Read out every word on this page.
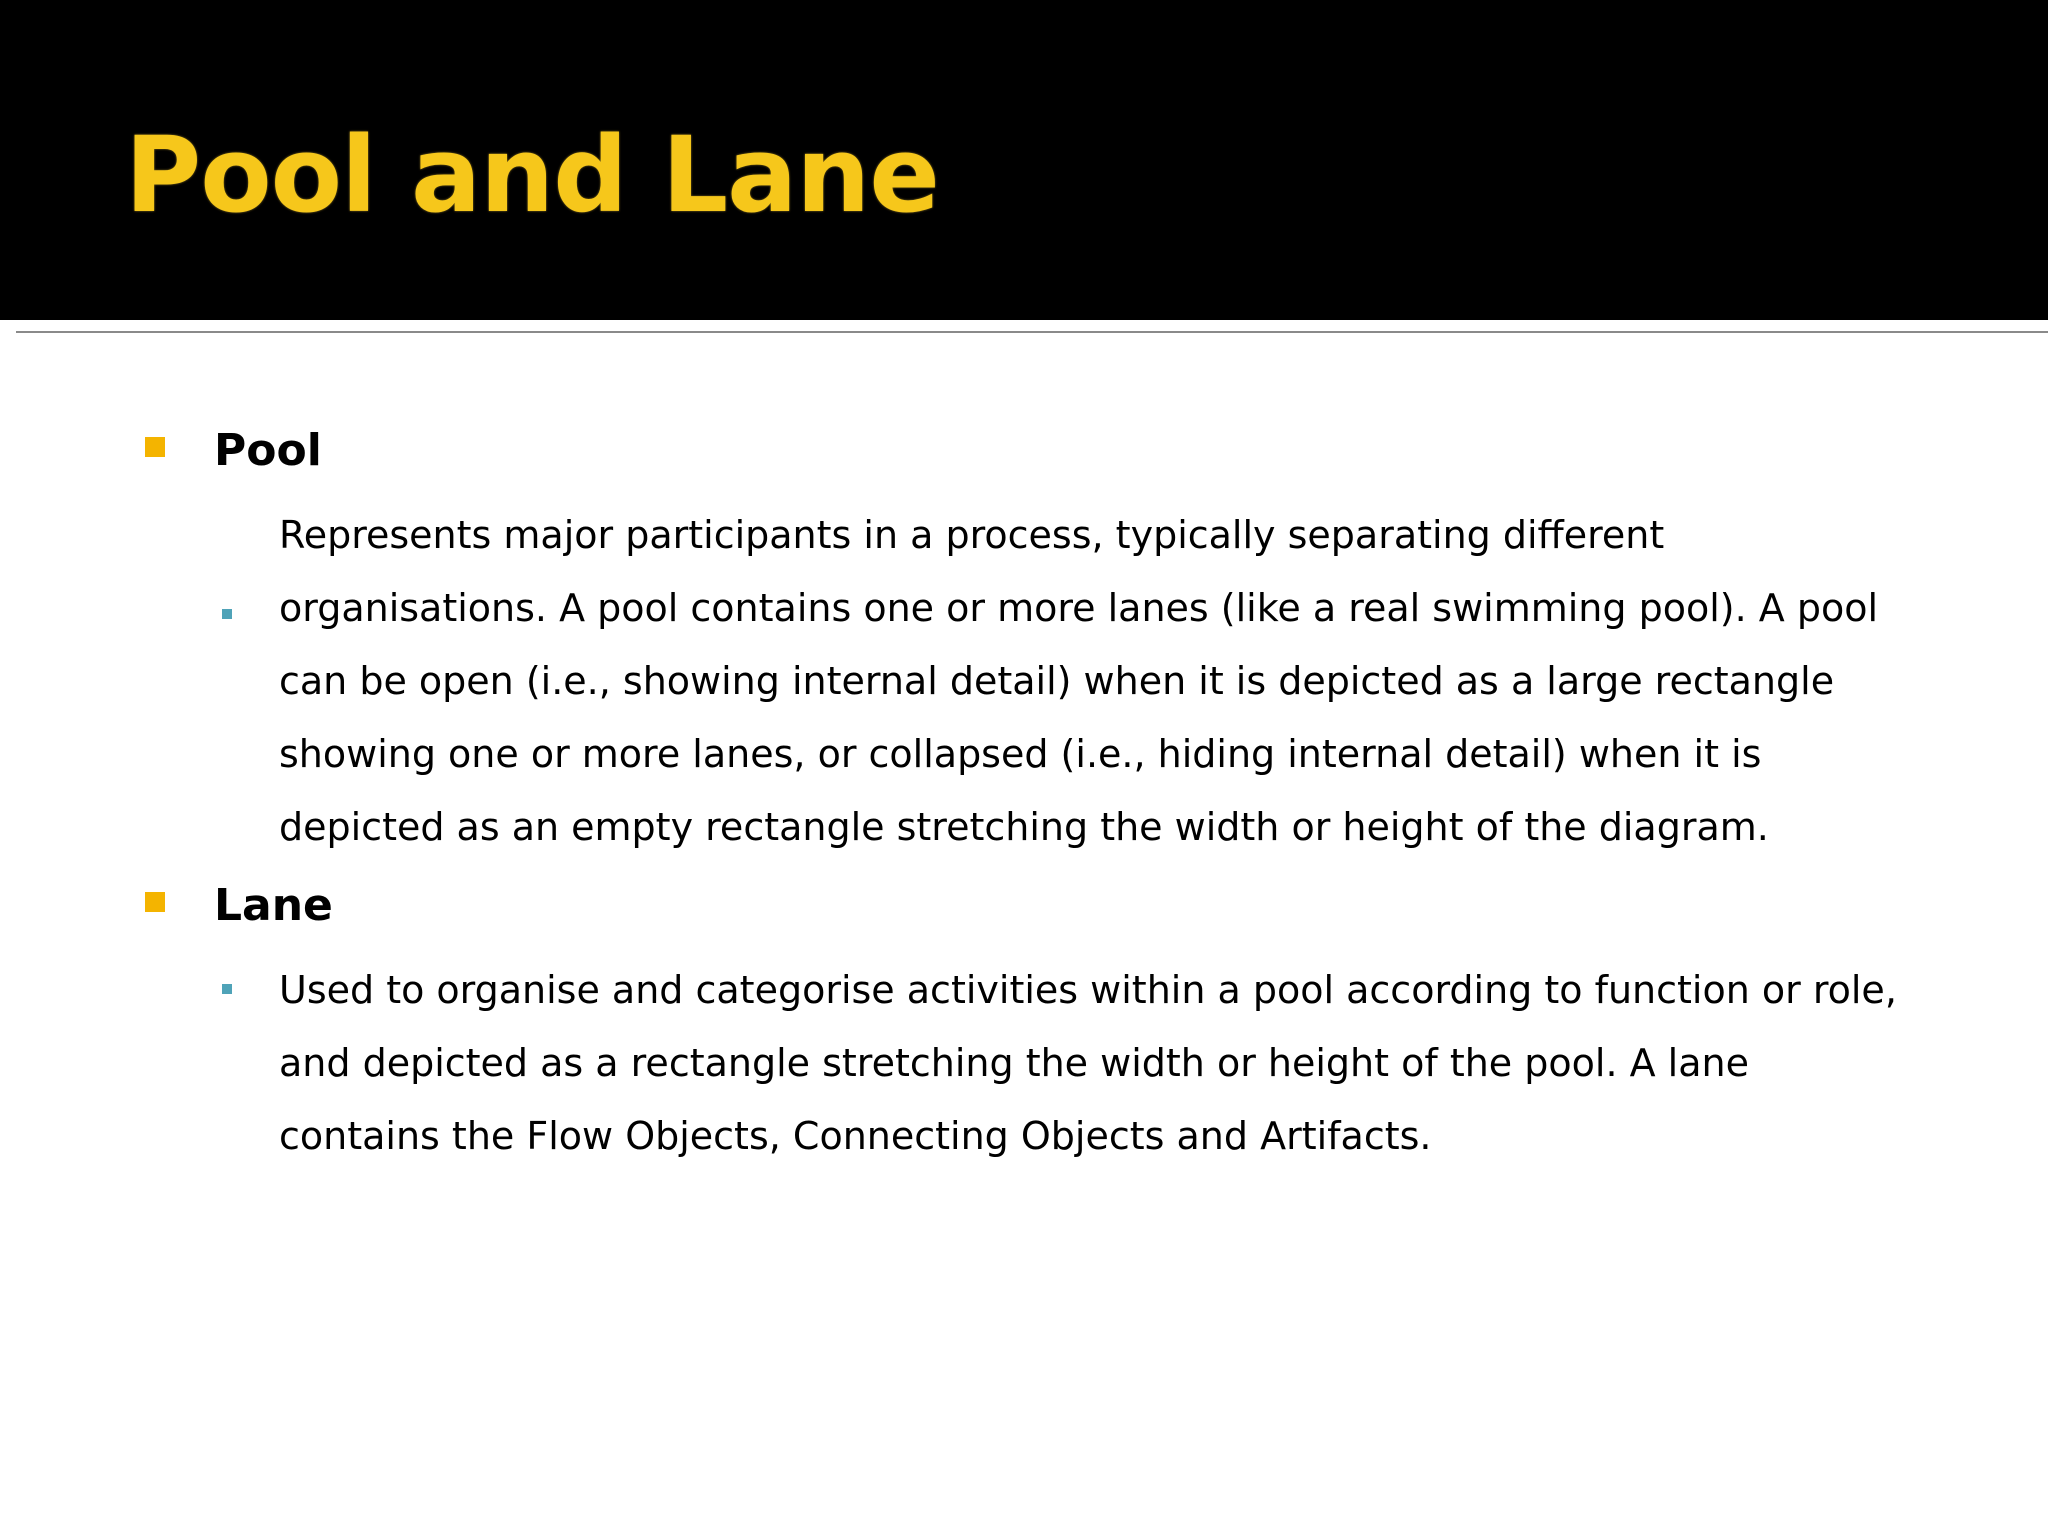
Pool and Lane
Pool

Represents major participants in a process, typically separating different organisations. A pool contains one or more lanes (like a real swimming pool). A pool can be open (i.e., showing internal detail) when it is depicted as a large rectangle showing one or more lanes, or collapsed (i.e., hiding internal detail) when it is depicted as an empty rectangle stretching the width or height of the diagram.

Lane

Used to organise and categorise activities within a pool according to function or role, and depicted as a rectangle stretching the width or height of the pool. A lane contains the Flow Objects, Connecting Objects and Artifacts.
